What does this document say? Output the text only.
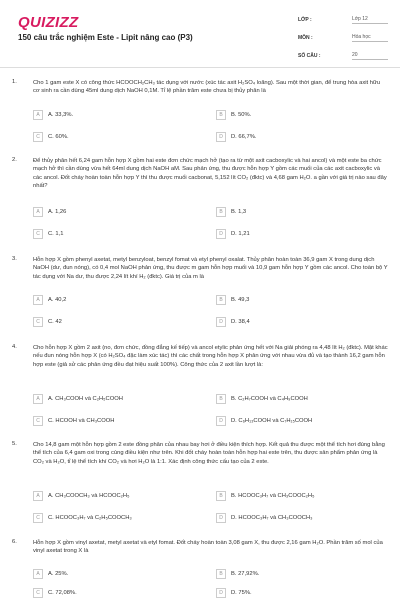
QUIZIZZ
150 câu trắc nghiệm Este - Lipit nâng cao (P3)
LỚP :	Lớp 12
MÔN :	Hóa học
SỐ CÂU :	20
1.	Cho 1 gam este X có công thức HCOOCH₂CH₃ tác dụng với nước (xúc tác axit H₂SO₄ loãng). Sau một thời gian, để trung hòa axit hữu cơ sinh ra cần dùng 45ml dung dịch NaOH 0,1M. Tỉ lệ phần trăm este chưa bị thủy phân là
A	A. 33,3%.	B	B. 50%.
C	C. 60%.	D	D. 66,7%.
2.	Để thủy phân hết 6,24 gam hỗn hợp X gồm hai este đơn chức mạch hở (tạo ra từ một axit cacboxylic và hai ancol) và một este ba chức mạch hở thì cần dùng vừa hết 64ml dung dịch NaOH aM. Sau phản ứng, thu được hỗn hợp Y gồm các muối của các axit cacboxylic và các ancol. Đốt cháy hoàn toàn hỗn hợp Y thì thu được muối cacbonat, 5,152 lít CO₂ (đktc) và 4,68 gam H₂O. a gần với giá trị nào sau đây nhất?
A	A. 1,26	B	B. 1,3
C	C. 1,1	D	D. 1,21
3.	Hỗn hợp X gồm phenyl axetat, metyl benzyloat, benzyl fomat và etyl phenyl oxalat. Thủy phân hoàn toàn 36,9 gam X trong dung dịch NaOH (dư, đun nóng), có 0,4 mol NaOH phản ứng, thu được m gam hỗn hợp muối và 10,9 gam hỗn hợp Y gồm các ancol. Cho toàn bộ Y tác dụng với Na dư, thu được 2,24 lít khí H₂ (đktc). Giá trị của m là
A	A. 40,2	B	B. 49,3
C	C. 42	D	D. 38,4
4.	Cho hỗn hợp X gồm 2 axit (no, đơn chức, đồng đẳng kế tiếp) và ancol etylic phản ứng hết với Na giải phóng ra 4,48 lít H₂ (đktc). Mặt khác nếu đun nóng hỗn hợp X (có H₂SO₄ đặc làm xúc tác) thì các chất trong hỗn hợp X phản ứng với nhau vừa đủ và tạo thành 16,2 gam hỗn hợp este (giả sử các phản ứng đều đạt hiệu suất 100%). Công thức của 2 axit lần lượt là:
A	A. CH₃COOH và C₂H₅COOH	B	B. C₂H₇COOH và C₄H₉COOH
C	C. HCOOH và CH₃COOH	D	D. C₆H₁₃COOH và C₇H₁₅COOH
5.	Cho 14,8 gam một hỗn hợp gồm 2 este đồng phân của nhau bay hơi ở điều kiện thích hợp. Kết quả thu được một thể tích hơi đúng bằng thể tích của 6,4 gam oxi trong cùng điều kiện như trên. Khi đốt cháy hoàn toàn hỗn hợp hai este trên, thu được sản phẩm phản ứng là CO₂ và H₂O, tỉ lệ thể tích khí CO₂ và hơi H₂O là 1:1. Xác định công thức cấu tạo của 2 este.
A	A. CH₃COOCH₃ và HCOOC₂H₅	B	B. HCOOC₃H₇ và CH₃COOC₂H₅
C	C. HCOOC₃H₇ và C₂H₅COOCH₃	D	D. HCOOC₃H₇ và CH₃COOCH₃
6.	Hỗn hợp X gồm vinyl axetat, metyl axetat và etyl fomat. Đốt cháy hoàn toàn 3,08 gam X, thu được 2,16 gam H₂O. Phần trăm số mol của vinyl axetat trong X là
A	A. 25%.	B	B. 27,92%.
C	C. 72,08%.	D	D. 75%.
